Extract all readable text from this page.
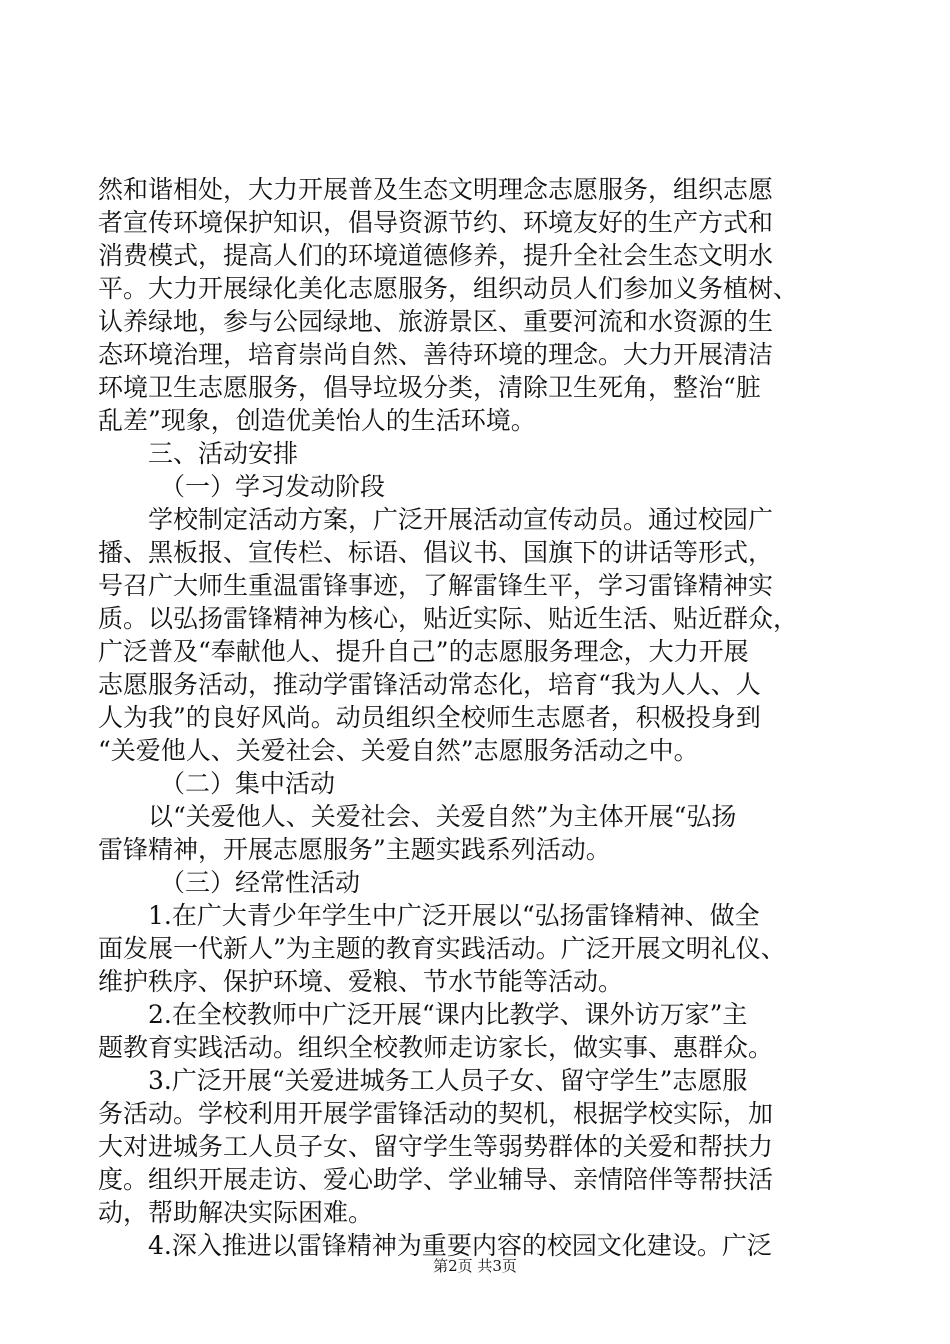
然和谐相处，大力开展普及生态文明理念志愿服务，组织志愿
者宣传环境保护知识，倡导资源节约、环境友好的生产方式和
消费模式，提高人们的环境道德修养，提升全社会生态文明水
平。大力开展绿化美化志愿服务，组织动员人们参加义务植树、
认养绿地，参与公园绿地、旅游景区、重要河流和水资源的生
态环境治理，培育崇尚自然、善待环境的理念。大力开展清洁
环境卫生志愿服务，倡导垃圾分类，清除卫生死角，整治“脏
乱差”现象，创造优美怡人的生活环境。
三、活动安排
（一）学习发动阶段
学校制定活动方案，广泛开展活动宣传动员。通过校园广
播、黑板报、宣传栏、标语、倡议书、国旗下的讲话等形式，
号召广大师生重温雷锋事迹，了解雷锋生平，学习雷锋精神实
质。以弘扬雷锋精神为核心，贴近实际、贴近生活、贴近群众，
广泛普及“奉献他人、提升自己”的志愿服务理念，大力开展
志愿服务活动，推动学雷锋活动常态化，培育“我为人人、人
人为我”的良好风尚。动员组织全校师生志愿者，积极投身到
“关爱他人、关爱社会、关爱自然”志愿服务活动之中。
（二）集中活动
以“关爱他人、关爱社会、关爱自然”为主体开展“弘扬
雷锋精神，开展志愿服务”主题实践系列活动。
（三）经常性活动
1.在广大青少年学生中广泛开展以“弘扬雷锋精神、做全
面发展一代新人”为主题的教育实践活动。广泛开展文明礼仪、
维护秩序、保护环境、爱粮、节水节能等活动。
2.在全校教师中广泛开展“课内比教学、课外访万家”主
题教育实践活动。组织全校教师走访家长，做实事、惠群众。
3.广泛开展“关爱进城务工人员子女、留守学生”志愿服
务活动。学校利用开展学雷锋活动的契机，根据学校实际，加
大对进城务工人员子女、留守学生等弱势群体的关爱和帮扶力
度。组织开展走访、爱心助学、学业辅导、亲情陪伴等帮扶活
动，帮助解决实际困难。
4.深入推进以雷锋精神为重要内容的校园文化建设。广泛
第2页 共3页
